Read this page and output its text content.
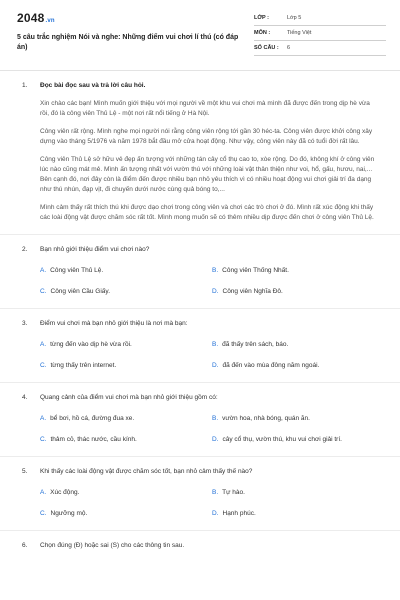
2048.vn
5 câu trắc nghiệm Nói và nghe: Những điểm vui chơi lí thú (có đáp án)
LỚP :	Lớp 5
MÔN :	Tiếng Việt
SỐ CÂU : 6
1. Đọc bài đọc sau và trả lời câu hỏi.

Xin chào các bạn! Mình muốn giới thiệu với mọi người về một khu vui chơi mà mình đã được đến trong dịp hè vừa rồi, đó là công viên Thủ Lệ - một nơi rất nổi tiếng ở Hà Nội.

Công viên rất rộng. Mình nghe mọi người nói rằng công viên rộng tới gần 30 héc-ta. Công viên được khởi công xây dựng vào tháng 5/1976 và năm 1978 bắt đầu mở cửa hoạt động. Như vậy, công viên này đã có tuổi đời rất lâu.

Công viên Thủ Lệ sở hữu vẻ đẹp ấn tượng với những tán cây cổ thụ cao to, xòe rộng. Do đó, không khí ở công viên lúc nào cũng mát mẻ. Mình ấn tượng nhất với vườn thú với những loài vật thân thiện như voi, hổ, gấu, hươu, nai,... Bên cạnh đó, nơi đây còn là điểm đến được nhiều bạn nhỏ yêu thích vì có nhiều hoạt động vui chơi giải trí đa dạng như thú nhún, đạp vịt, đi chuyến dưới nước cùng quả bóng to,...

Mình cảm thấy rất thích thú khi được dạo chơi trong công viên và chơi các trò chơi ở đó. Mình rất xúc động khi thấy các loài động vật được chăm sóc rất tốt. Mình mong muốn sẽ có thêm nhiều dịp được đến chơi ở công viên Thủ Lệ.

2. Bạn nhỏ giới thiệu điểm vui chơi nào?
A. Công viên Thủ Lệ.	B. Công viên Thống Nhất.
C. Công viên Cầu Giấy.	D. Công viên Nghĩa Đô.
3. Điểm vui chơi mà bạn nhỏ giới thiệu là nơi mà bạn:
A. từng đến vào dịp hè vừa rồi.	B. đã thấy trên sách, báo.
C. từng thấy trên internet.	D. đã đến vào mùa đông năm ngoái.
4. Quang cảnh của điểm vui chơi mà bạn nhỏ giới thiệu gồm có:
A. bể bơi, hồ cá, đường đua xe.	B. vườn hoa, nhà bóng, quán ăn.
C. thảm cỏ, thác nước, cầu kính.	D. cây cổ thụ, vườn thú, khu vui chơi giải trí.
5. Khi thấy các loài động vật được chăm sóc tốt, bạn nhỏ cảm thấy thế nào?
A. Xúc động.	B. Tự hào.
C. Ngưỡng mộ.	D. Hạnh phúc.
6. Chọn đúng (Đ) hoặc sai (S) cho các thông tin sau.
